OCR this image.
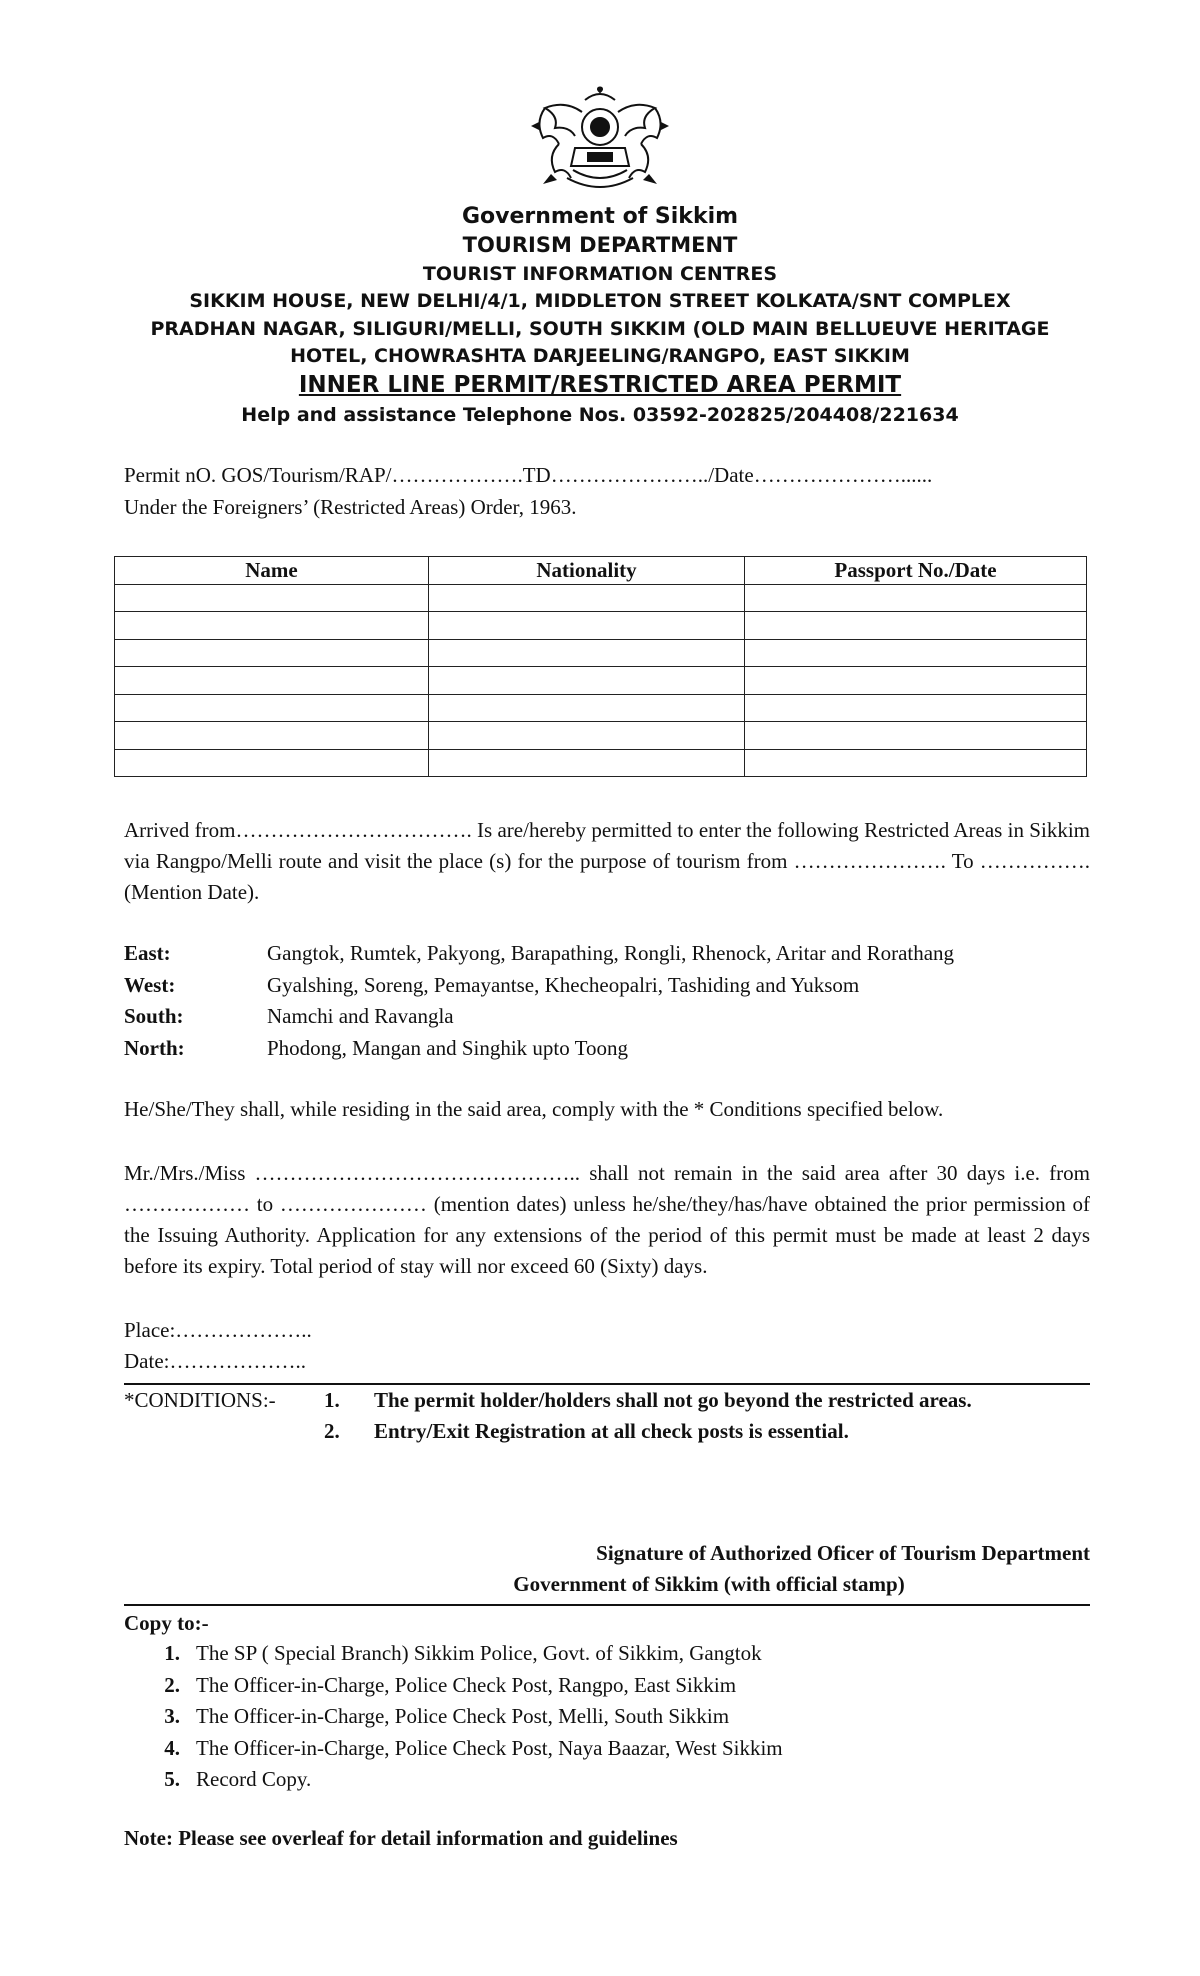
Government of Sikkim

TOURISM DEPARTMENT

TOURIST INFORMATION CENTRES

SIKKIM HOUSE, NEW DELHI/4/1, MIDDLETON STREET KOLKATA/SNT COMPLEX

PRADHAN NAGAR, SILIGURI/MELLI, SOUTH SIKKIM (OLD MAIN BELLUEUVE HERITAGE

HOTEL, CHOWRASHTA DARJEELING/RANGPO, EAST SIKKIM

INNER LINE PERMIT/RESTRICTED AREA PERMIT

Help and assistance Telephone Nos. 03592-202825/204408/221634

Permit nO. GOS/Tourism/RAP/……………….TD…………………../Date…………………......

Under the Foreigners’ (Restricted Areas) Order, 1963.

Name	Nationality	Passport No./Date

Arrived from……………………………. Is are/hereby permitted to enter the following Restricted Areas in Sikkim via Rangpo/Melli route and visit the place (s) for the purpose of tourism from …………………. To ……………. (Mention Date).

East:	Gangtok, Rumtek, Pakyong, Barapathing, Rongli, Rhenock, Aritar and Rorathang
West:	Gyalshing, Soreng, Pemayantse, Khecheopalri, Tashiding and Yuksom
South:	Namchi and Ravangla
North:	Phodong, Mangan and Singhik upto Toong

He/She/They shall, while residing in the said area, comply with the * Conditions specified below.

Mr./Mrs./Miss ……………………………………….. shall not remain in the said area after 30 days i.e. from ……………… to ………………… (mention dates) unless he/she/they/has/have obtained the prior permission of the Issuing Authority. Application for any extensions of the period of this permit must be made at least 2 days before its expiry. Total period of stay will nor exceed 60 (Sixty) days.

Place:………………..

Date:………………..

*CONDITIONS:-	1.	The permit holder/holders shall not go beyond the restricted areas.
2.	Entry/Exit Registration at all check posts is essential.

Signature of Authorized Oficer of Tourism Department

Government of Sikkim (with official stamp)

Copy to:-

1. The SP ( Special Branch) Sikkim Police, Govt. of Sikkim, Gangtok
2. The Officer-in-Charge, Police Check Post, Rangpo, East Sikkim
3. The Officer-in-Charge, Police Check Post, Melli, South Sikkim
4. The Officer-in-Charge, Police Check Post, Naya Baazar, West Sikkim
5. Record Copy.

Note: Please see overleaf for detail information and guidelines
